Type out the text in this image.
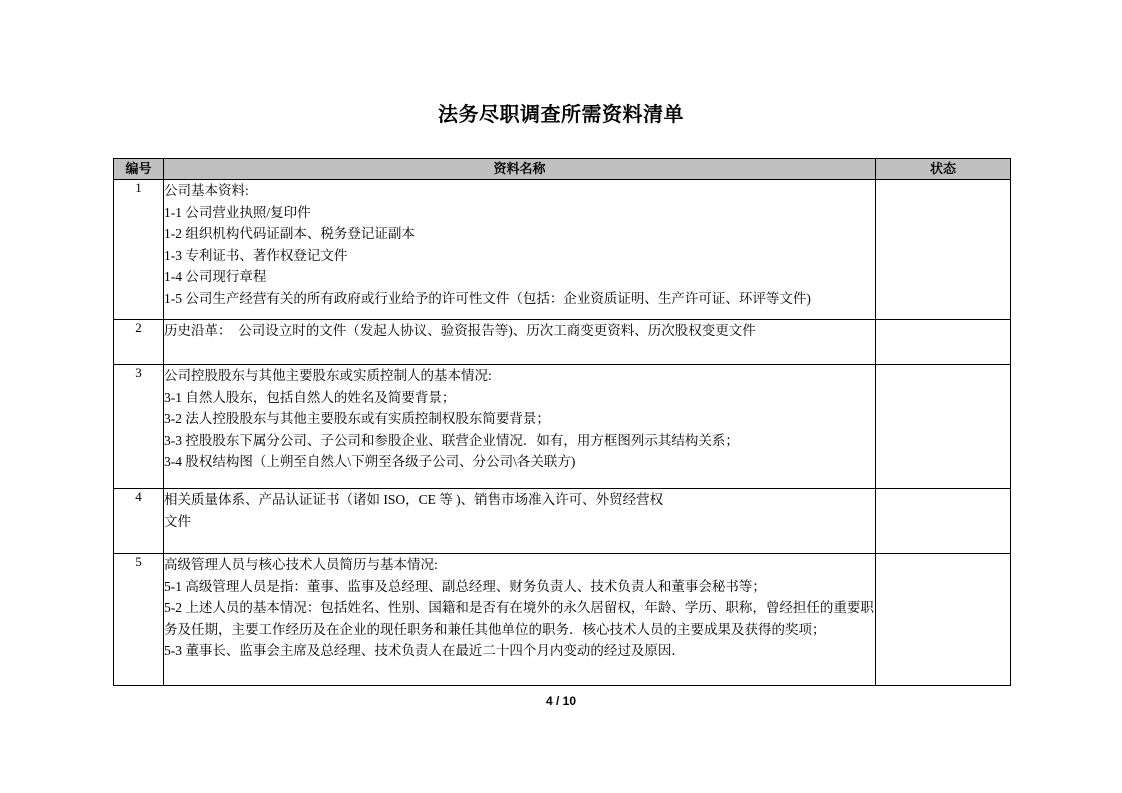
法务尽职调查所需资料清单
编号	资料名称	状态
1	公司基本资料:
1-1 公司营业执照/复印件
1-2 组织机构代码证副本、税务登记证副本
1-3 专利证书、著作权登记文件
1-4 公司现行章程
1-5 公司生产经营有关的所有政府或行业给予的许可性文件（包括：企业资质证明、生产许可证、环评等文件)

2	历史沿革：  公司设立时的文件（发起人协议、验资报告等)、历次工商变更资料、历次股权变更文件	

3	公司控股股东与其他主要股东或实质控制人的基本情况:
3-1 自然人股东，包括自然人的姓名及简要背景；
3-2 法人控股股东与其他主要股东或有实质控制权股东简要背景；
3-3 控股股东下属分公司、子公司和参股企业、联营企业情况．如有，用方框图列示其结构关系；
3-4 股权结构图（上朔至自然人\下朔至各级子公司、分公司\各关联方)	

4	相关质量体系、产品认证证书（诸如 ISO，CE 等 )、销售市场准入许可、外贸经营权
文件	

5	高级管理人员与核心技术人员简历与基本情况:
5-1 高级管理人员是指：董事、监事及总经理、副总经理、财务负责人、技术负责人和董事会秘书等；
5-2 上述人员的基本情况：包括姓名、性别、国籍和是否有在境外的永久居留权，年龄、学历、职称，曾经担任的重要职务及任期，主要工作经历及在企业的现任职务和兼任其他单位的职务．核心技术人员的主要成果及获得的奖项；
5-3 董事长、监事会主席及总经理、技术负责人在最近二十四个月内变动的经过及原因．	

4 / 10
